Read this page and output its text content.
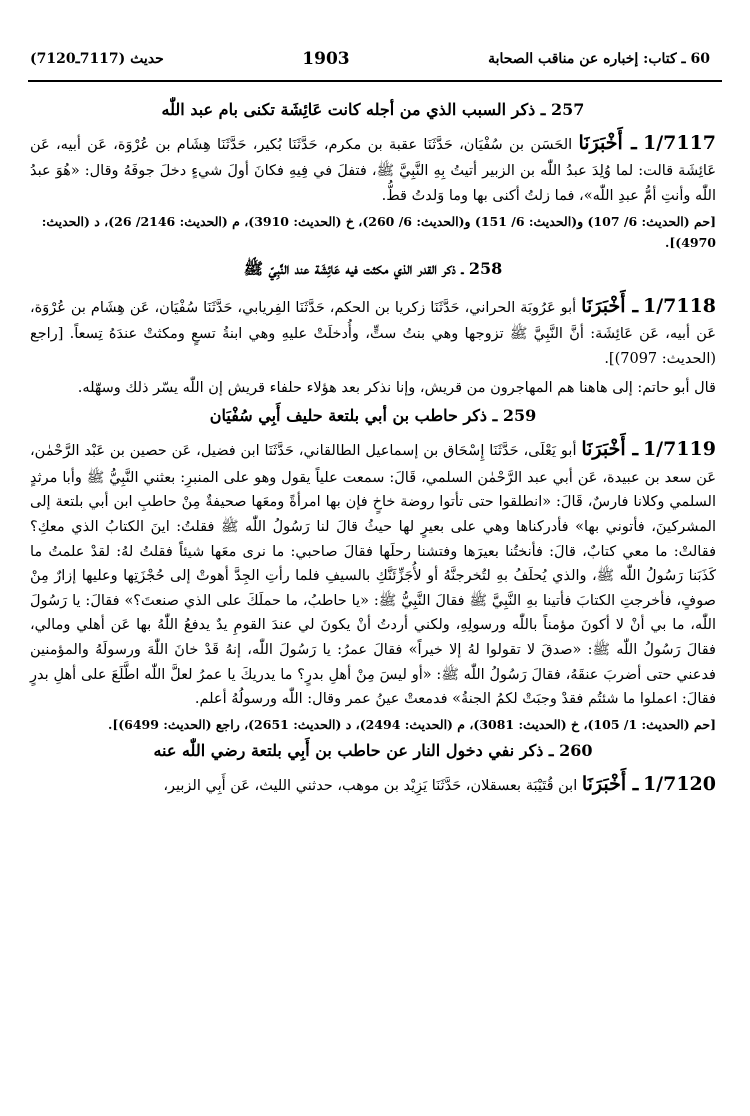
60 ـ كتاب: إخباره عن مناقب الصحابة
1903
حديث (7117ـ7120)
257 ـ ذكر السبب الذي من أجله كانت عَائِشَة تكنى بام عبد اللّٰه

1/7117 ـ أَخْبَرَنَا الحَسَن بن سُفْيَان، حَدَّثَنَا عقبة بن مكرم، حَدَّثَنَا بُكير، حَدَّثَنَا هِشَام بن عُرْوَة، عَن أبيه، عَن عَائِشَة قالت: لما وُلِدَ عبدُ اللّٰه بن الزبير أتيتُ بِهِ النَّبِيَّ ﷺ، فتفلَ في فِيهِ فكانَ أولَ شيءٍ دخلَ جوفَهُ وقال: «هُوَ عبدُ اللّٰه وأنتِ أمُّ عبدِ اللّٰه»، فما زلتُ أكنى بها وما وَلدتُ قطُّ.

[حم (الحديث: 6/ 107) و(الحديث: 6/ 151) و(الحديث: 6/ 260)، خ (الحديث: 3910)، م (الحديث: 2146/ 26)، د (الحديث: 4970)].
258 ـ ذكر القدر الذي مكثت فيه عَائِشَة عند النَّبِيّ ﷺ

1/7118 ـ أَخْبَرَنَا أبو عَرُوبَة الحراني، حَدَّثَنَا زكريا بن الحكم، حَدَّثَنَا الفِريابي، حَدَّثَنَا سُفْيَان، عَن هِشَام بن عُرْوَة، عَن أبيه، عَن عَائِشَة: أنَّ النَّبِيَّ ﷺ تزوجها وهي بنتُ ستٍّ، وأُدخلَتْ عليهِ وهي ابنةُ تسعٍ ومكثتْ عندَهُ تِسعاً. [راجع (الحديث: 7097)].

قال أبو حاتم: إلى هاهنا هم المهاجرون من قريش، وإنا نذكر بعد هؤلاء حلفاء قريش إن اللّٰه يسّر ذلك وسهّله.

259 ـ ذكر حاطب بن أبي بلتعة حليف أَبِي سُفْيَان

1/7119 ـ أَخْبَرَنَا أبو يَعْلَى، حَدَّثَنَا إِسْحَاق بن إسماعيل الطالقاني، حَدَّثَنَا ابن فضيل، عَن حصين بن عَبْد الرَّحْمٰن، عَن سعد بن عبيدة، عَن أبي عبد الرَّحْمٰن السلمي، قَالَ: سمعت علياً يقول وهو على المنبرِ: بعثني النَّبِيُّ ﷺ وأبا مرثدٍ السلمي وكلانا فارسٌ، قَالَ: «انطلقوا حتى تأتوا روضة خاخٍ فإن بها امرأةً ومعَها صحيفةٌ مِنْ حاطبِ ابن أبي بلتعة إلى المشركينَ، فأتوني بها» فأدركناها وهي على بعيرٍ لها حيثُ قالَ لنا رَسُولُ اللّٰه ﷺ فقلتُ: اينَ الكتابُ الذي معكِ؟ فقالتْ: ما معي كتابٌ، قالَ: فأنختُنا بعيرَها وفتشنا رحلَها فقالَ صاحبي: ما نرى معَها شيئاً فقلتُ لهُ: لقدْ علمتُ ما كَذَبَنا رَسُولُ اللّٰه ﷺ، والذي يُحلَفُ بهِ لتُخرجنَّهُ أو لأُجَزِّئَنَّكِ بالسيفِ فلما رأتِ الجِدَّ أهوتْ إلى حُجْزَتِها وعليها إزارٌ مِنْ صوفٍ، فأخرجتِ الكتابَ فأتينا بهِ النَّبِيَّ ﷺ فقالَ النَّبِيُّ ﷺ: «يا حاطبُ، ما حملَكَ على الذي صنعتَ؟» فقالَ: يا رَسُولَ اللّٰه، ما بي أنْ لا أكونَ مؤمناً باللّٰه ورسولِهِ، ولكني أردتُ أنْ يكونَ لي عندَ القومِ يدٌ يدفعُ اللّٰهُ بها عَن أهلي ومالي، فقالَ رَسُولُ اللّٰه ﷺ: «صدقَ لا تقولوا لهُ إلا خيراً» فقالَ عمرُ: يا رَسُولَ اللّٰه، إنهُ قَدْ خانَ اللّٰهَ ورسولَهُ والمؤمنين فدعني حتى أضربَ عنقَهُ، فقالَ رَسُولُ اللّٰه ﷺ: «أو ليسَ مِنْ أهلِ بدرٍ؟ ما يدريكَ يا عمرُ لعلَّ اللّٰه اطَّلَعَ على أهلِ بدرٍ فقالَ: اعملوا ما شئتُم فقدْ وجبَتْ لكمُ الجنةُ» فدمعتْ عينُ عمر وقال: اللّٰه ورسولُهُ أعلم.

[حم (الحديث: 1/ 105)، خ (الحديث: 3081)، م (الحديث: 2494)، د (الحديث: 2651)، راجع (الحديث: 6499)].
260 ـ ذكر نفي دخول النار عن حاطب بن أَبِي بلتعة رضي اللّٰه عنه

1/7120 ـ أَخْبَرَنَا ابن قُتَيْبَة بعسقلان، حَدَّثَنَا يَزِيْد بن موهب، حدثني الليث، عَن أَبِي الزبير،
